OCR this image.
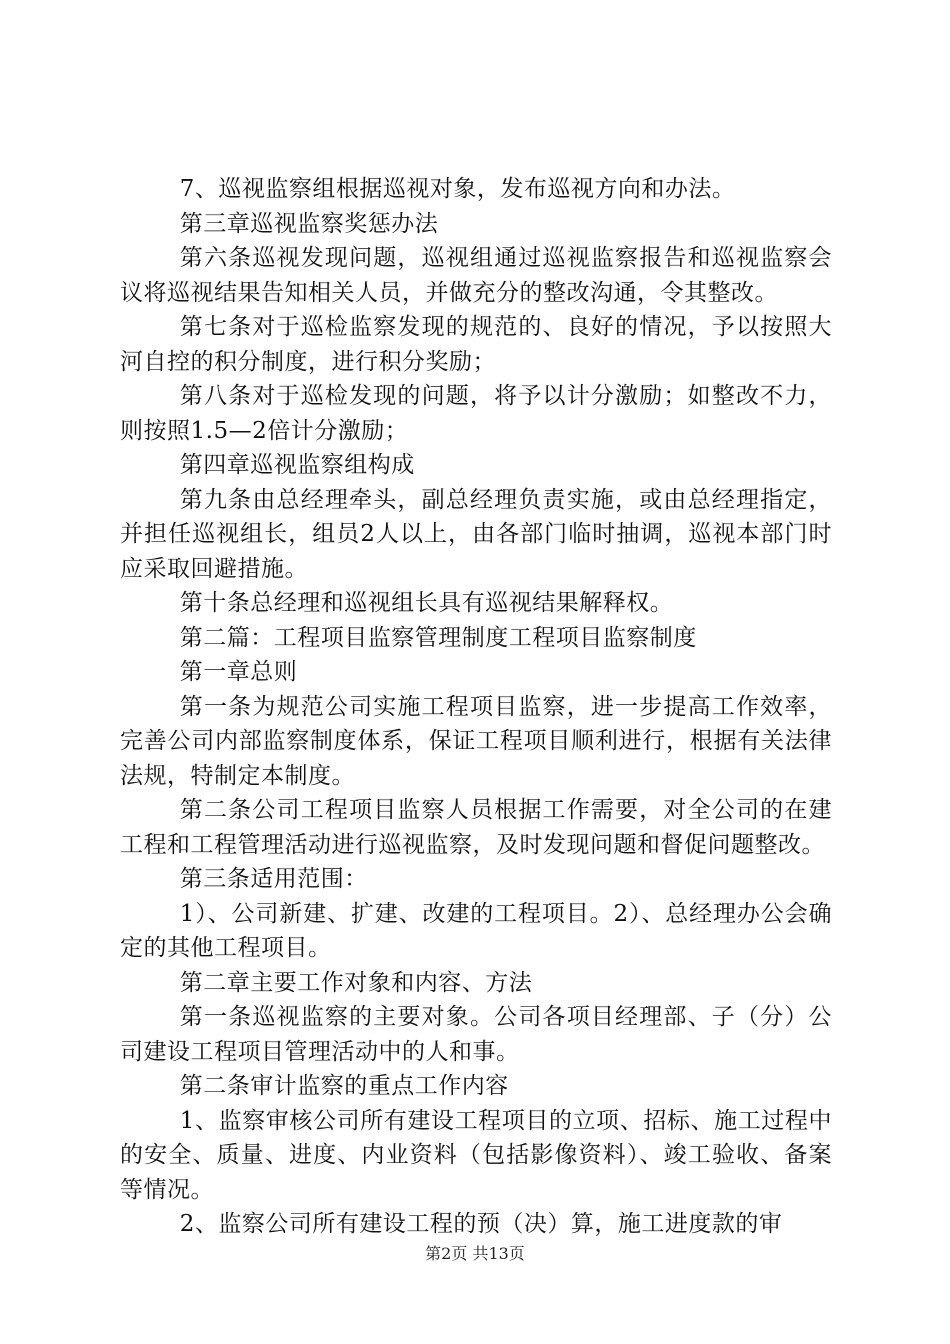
7、巡视监察组根据巡视对象，发布巡视方向和办法。

第三章巡视监察奖惩办法

第六条巡视发现问题，巡视组通过巡视监察报告和巡视监察会议将巡视结果告知相关人员，并做充分的整改沟通，令其整改。

第七条对于巡检监察发现的规范的、良好的情况，予以按照大河自控的积分制度，进行积分奖励；

第八条对于巡检发现的问题，将予以计分激励；如整改不力，则按照1.5—2倍计分激励；

第四章巡视监察组构成

第九条由总经理牵头，副总经理负责实施，或由总经理指定，并担任巡视组长，组员2人以上，由各部门临时抽调，巡视本部门时应采取回避措施。

第十条总经理和巡视组长具有巡视结果解释权。

第二篇：工程项目监察管理制度工程项目监察制度

第一章总则

第一条为规范公司实施工程项目监察，进一步提高工作效率，完善公司内部监察制度体系，保证工程项目顺利进行，根据有关法律法规，特制定本制度。

第二条公司工程项目监察人员根据工作需要，对全公司的在建工程和工程管理活动进行巡视监察，及时发现问题和督促问题整改。

第三条适用范围：

1）、公司新建、扩建、改建的工程项目。2）、总经理办公会确定的其他工程项目。

第二章主要工作对象和内容、方法

第一条巡视监察的主要对象。公司各项目经理部、子（分）公司建设工程项目管理活动中的人和事。

第二条审计监察的重点工作内容

1、监察审核公司所有建设工程项目的立项、招标、施工过程中的安全、质量、进度、内业资料（包括影像资料）、竣工验收、备案等情况。

2、监察公司所有建设工程的预（决）算，施工进度款的审

第2页 共13页
